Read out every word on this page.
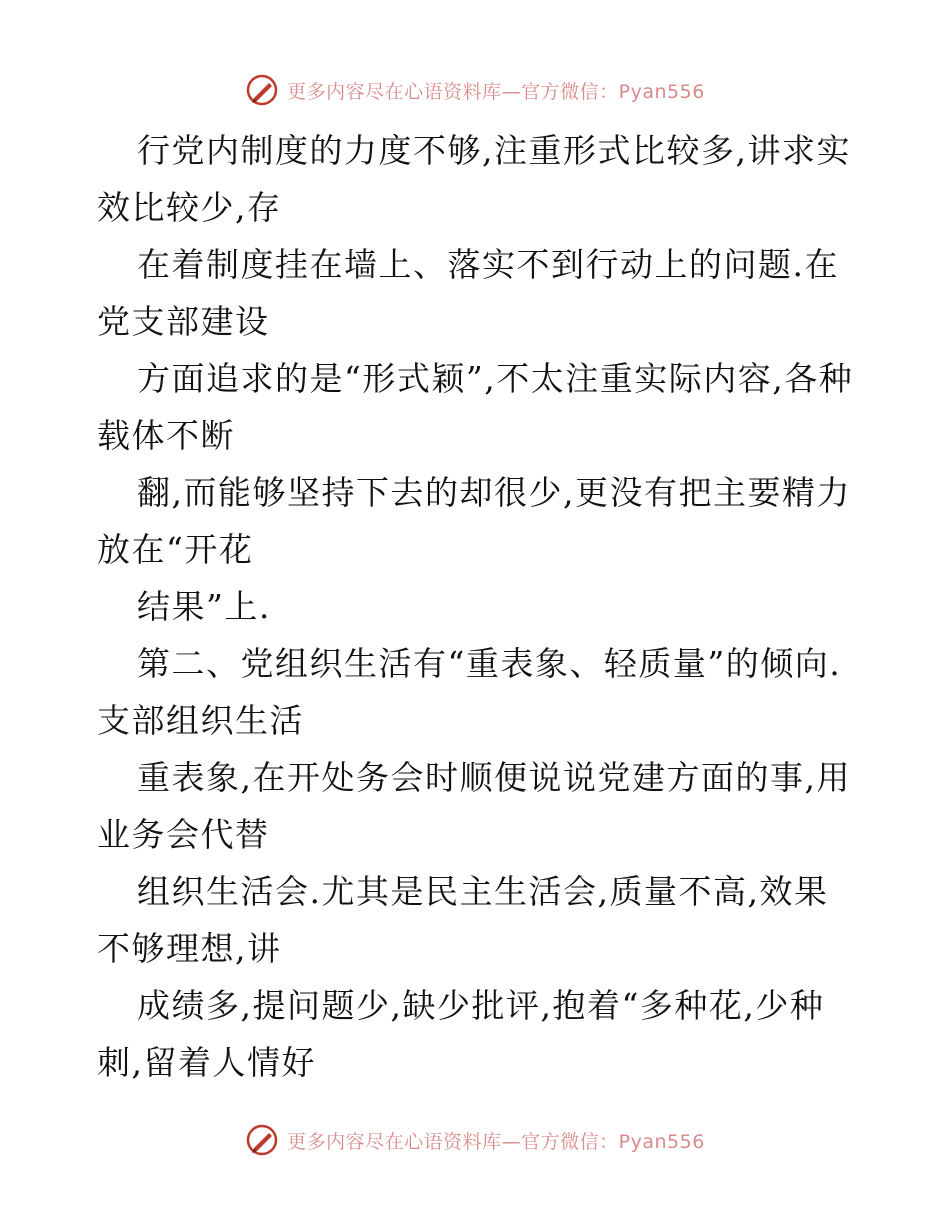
更多内容尽在心语资料库—官方微信：Pyan556

行党内制度的力度不够,注重形式比较多,讲求实效比较少,存

在着制度挂在墙上、落实不到行动上的问题.在党支部建设

方面追求的是“形式颖”,不太注重实际内容,各种载体不断

翻,而能够坚持下去的却很少,更没有把主要精力放在“开花

结果”上.

第二、党组织生活有“重表象、轻质量”的倾向.支部组织生活

重表象,在开处务会时顺便说说党建方面的事,用业务会代替

组织生活会.尤其是民主生活会,质量不高,效果不够理想,讲

成绩多,提问题少,缺少批评,抱着“多种花,少种刺,留着人情好

更多内容尽在心语资料库—官方微信：Pyan556
